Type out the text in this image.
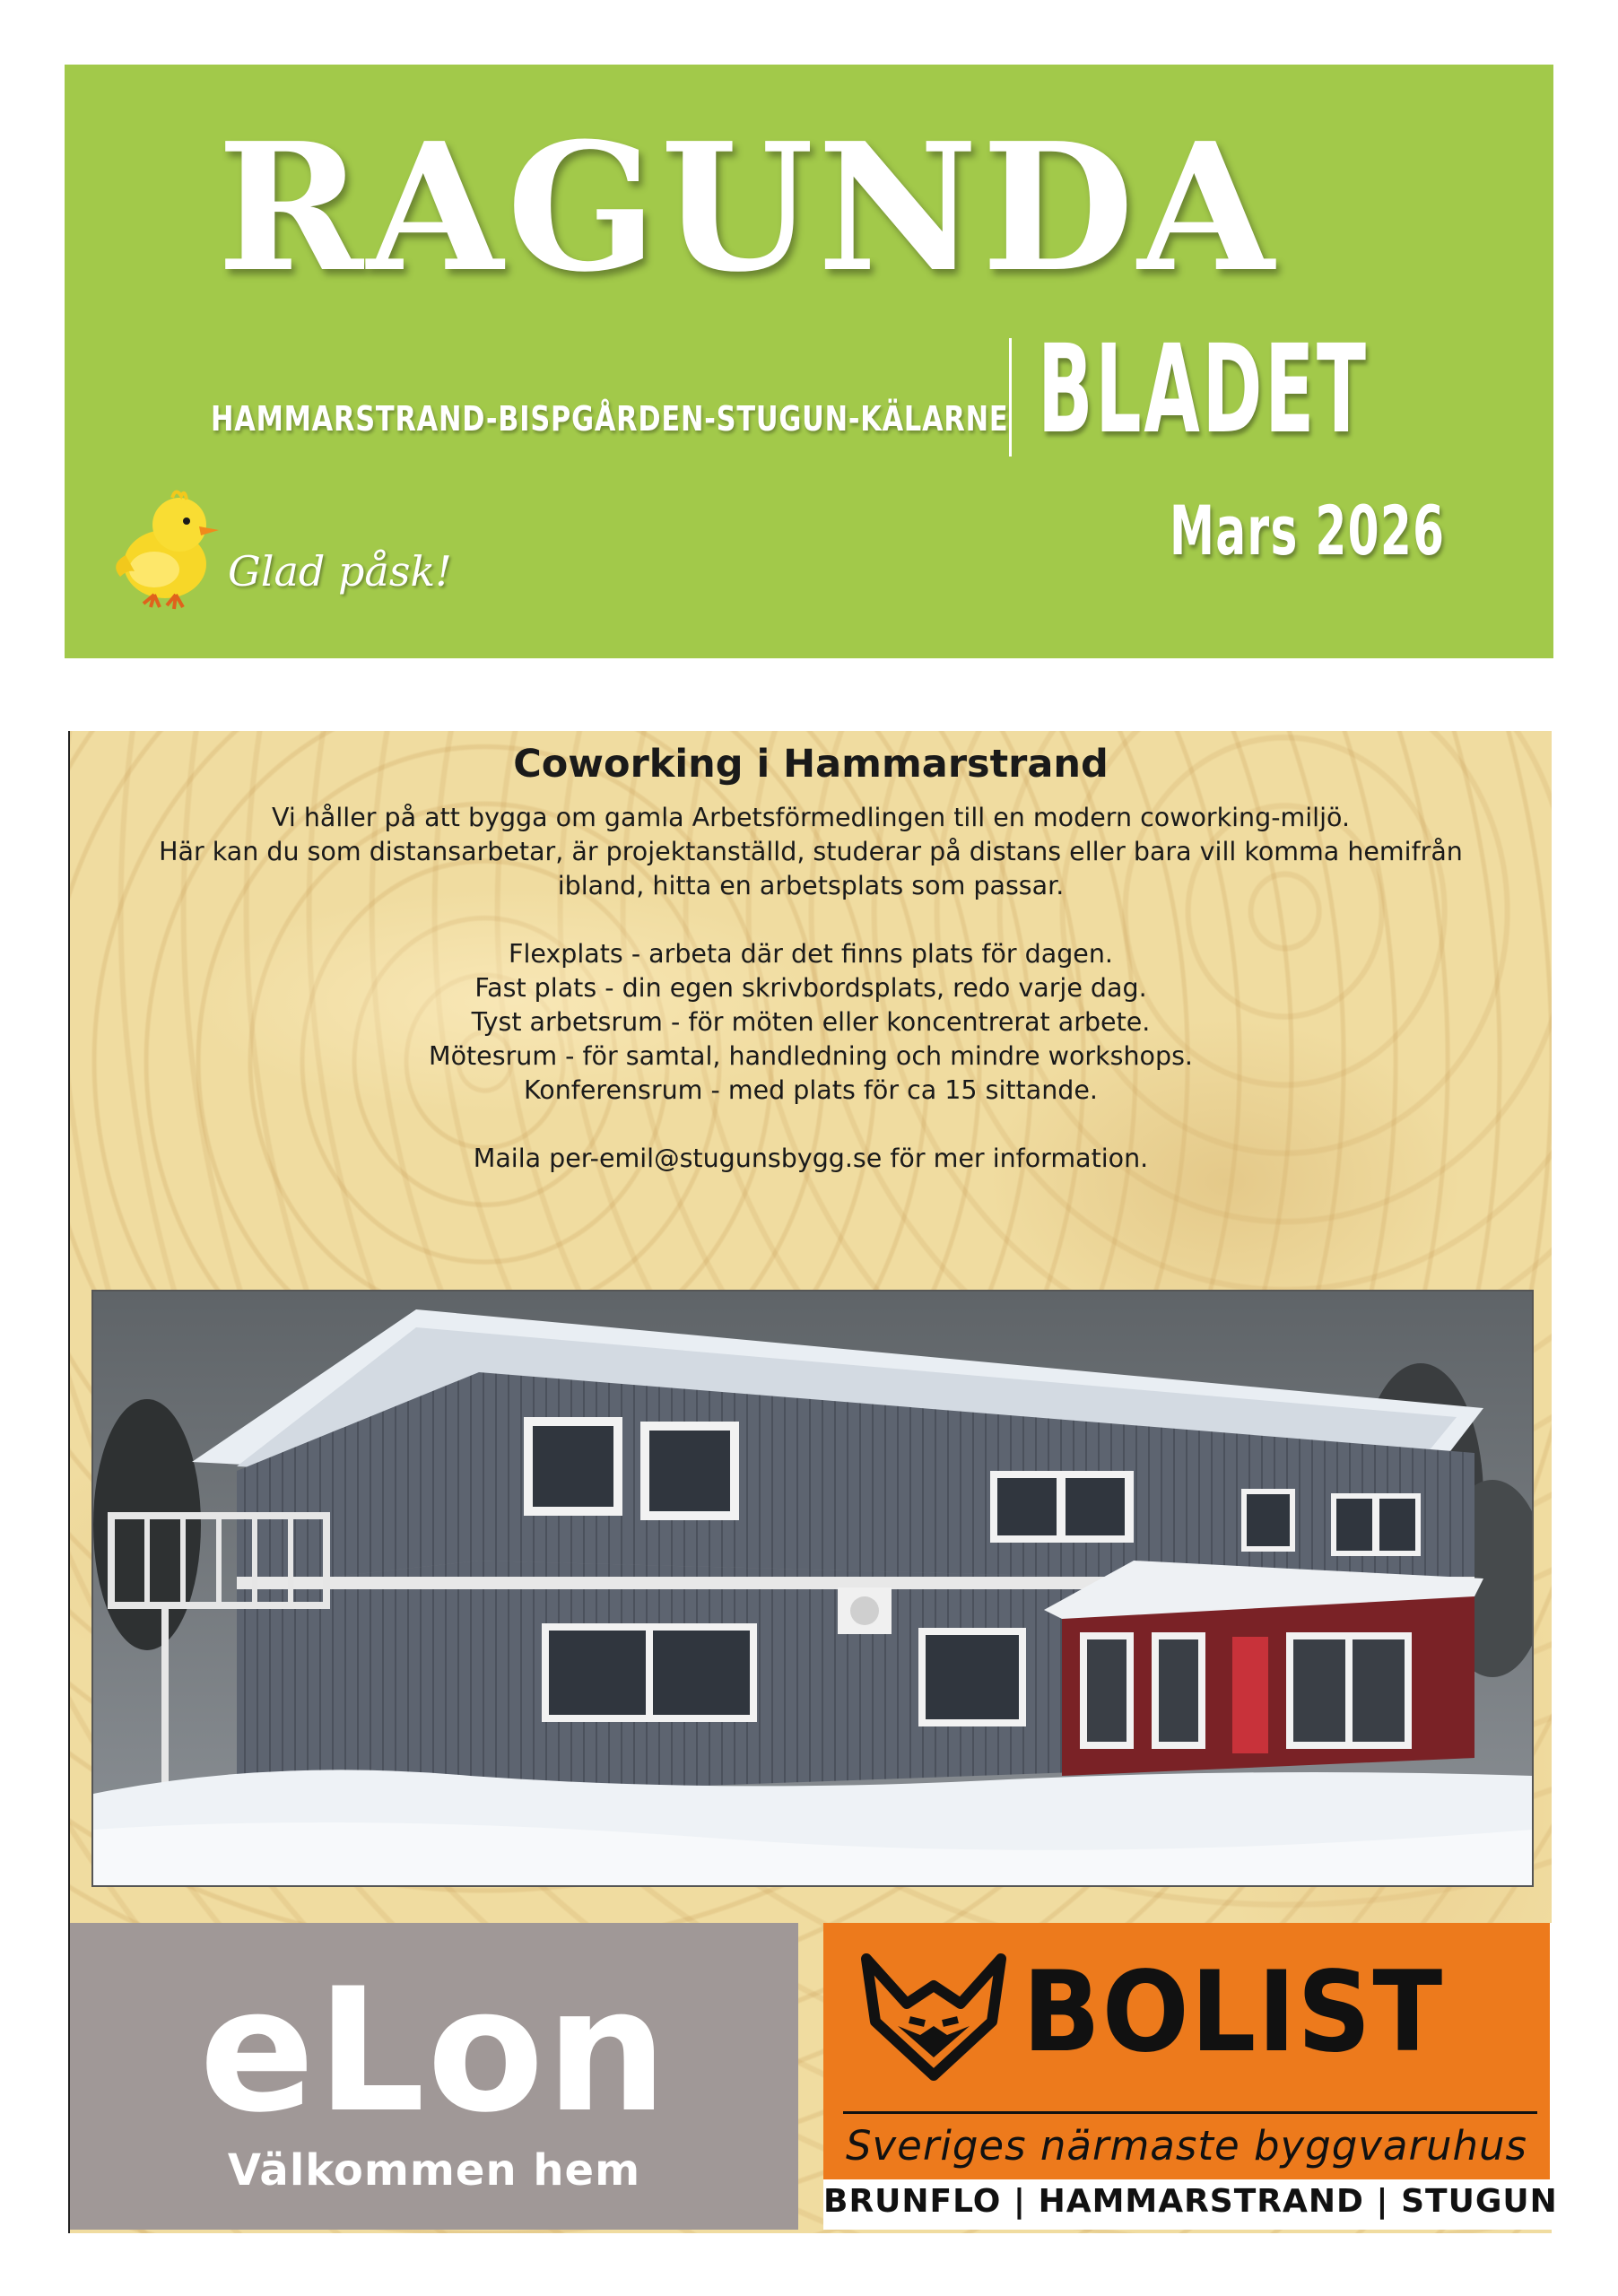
RAGUNDA
HAMMARSTRAND-BISPGÅRDEN-STUGUN-KÄLARNE BLADET
Mars 2026
Glad påsk!
Coworking i Hammarstrand

Vi håller på att bygga om gamla Arbetsförmedlingen till en modern coworking-miljö.

Här kan du som distansarbetar, är projektanställd, studerar på distans eller bara vill komma hemifrån

ibland, hitta en arbetsplats som passar.

Flexplats - arbeta där det finns plats för dagen.

Fast plats - din egen skrivbordsplats, redo varje dag.

Tyst arbetsrum - för möten eller koncentrerat arbete.

Mötesrum - för samtal, handledning och mindre workshops.

Konferensrum - med plats för ca 15 sittande.

Maila per-emil@stugunsbygg.se för mer information.

eLon
Välkommen hem
BOLIST
Sveriges närmaste byggvaruhus
BRUNFLO | HAMMARSTRAND | STUGUN
